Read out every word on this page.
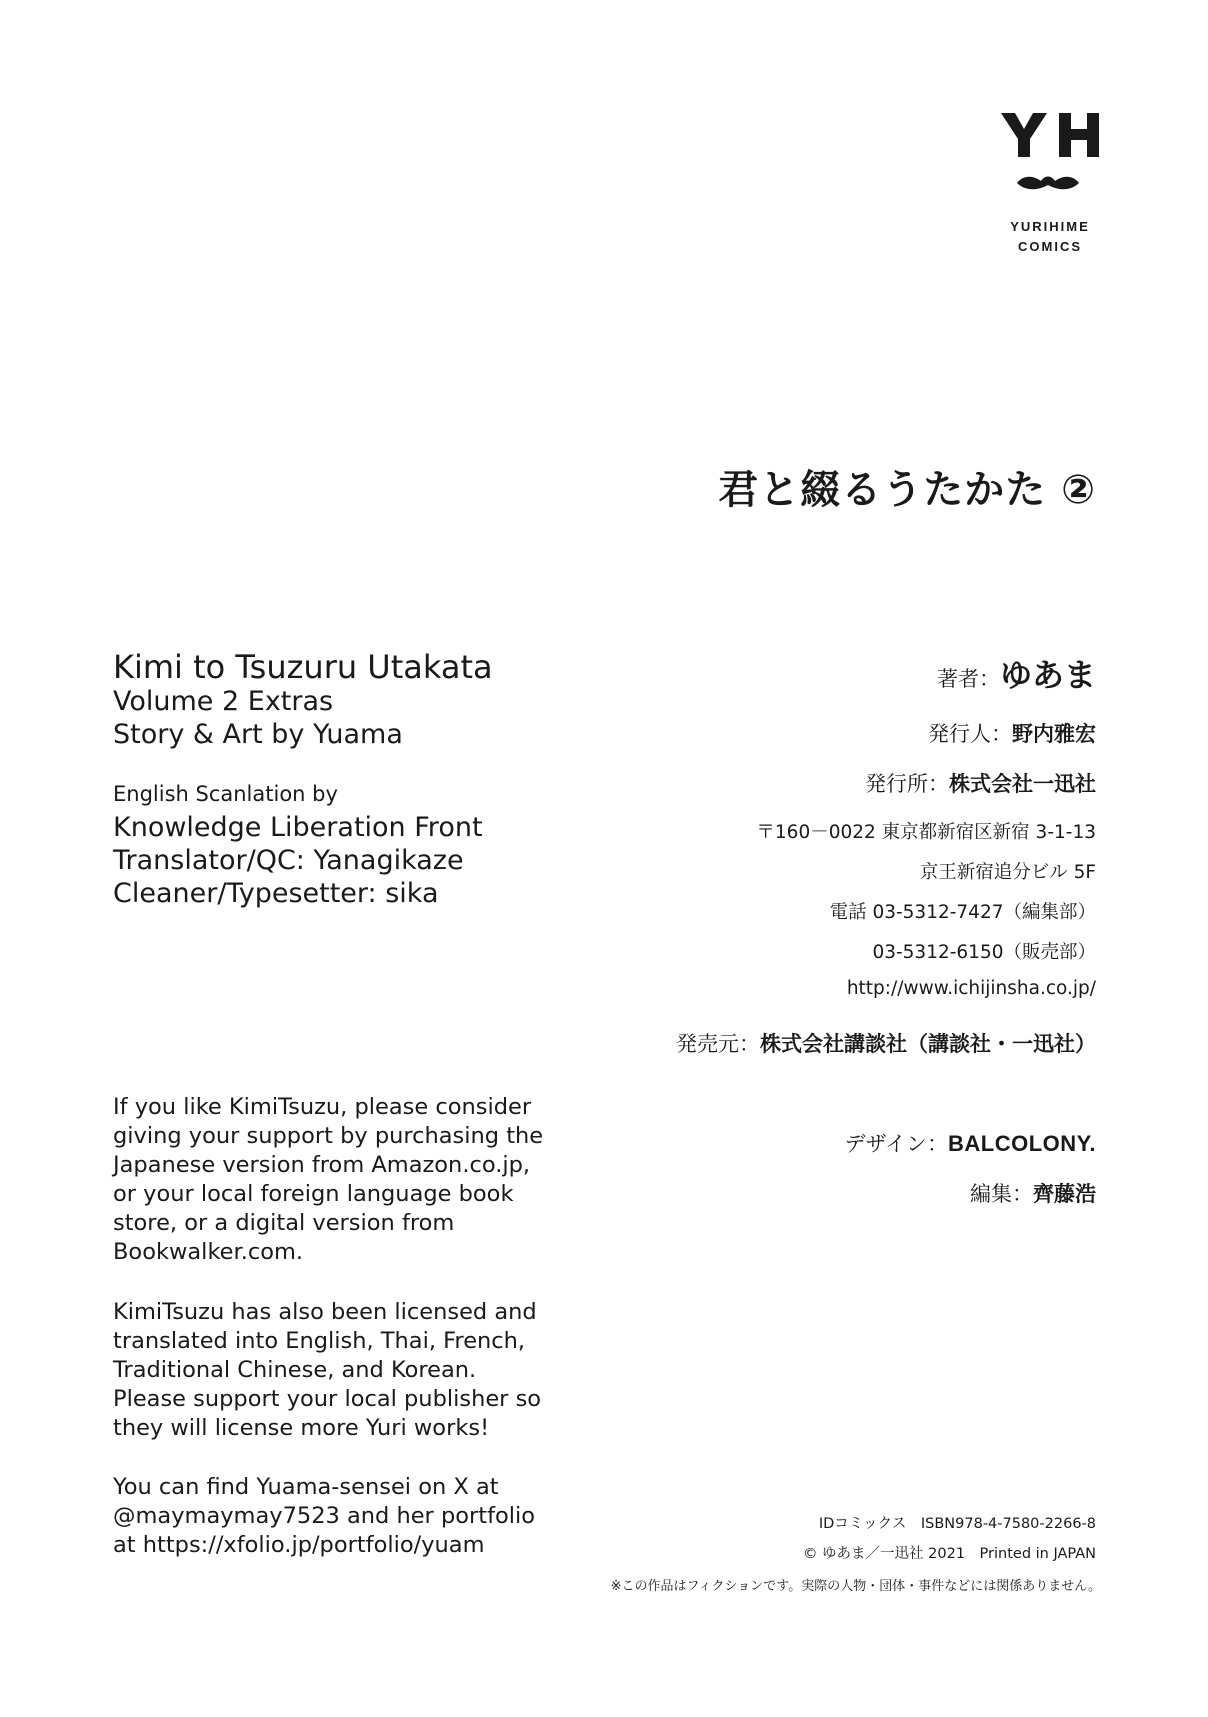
YURIHIME
COMICS
君と綴るうたかた ②
Kimi to Tsuzuru Utakata
Volume 2 Extras
Story & Art by Yuama
English Scanlation by
Knowledge Liberation Front
Translator/QC: Yanagikaze
Cleaner/Typesetter: sika
If you like KimiTsuzu, please consider
giving your support by purchasing the
Japanese version from Amazon.co.jp,
or your local foreign language book
store, or a digital version from
Bookwalker.com.
KimiTsuzu has also been licensed and
translated into English, Thai, French,
Traditional Chinese, and Korean.
Please support your local publisher so
they will license more Yuri works!
You can find Yuama-sensei on X at
@maymaymay7523 and her portfolio
at https://xfolio.jp/portfolio/yuam
著者：ゆあま
発行人：野内雅宏
発行所：株式会社一迅社
〒160－0022 東京都新宿区新宿 3-1-13
京王新宿追分ビル 5F
電話 03-5312-7427（編集部）
03-5312-6150（販売部）
http://www.ichijinsha.co.jp/
発売元：株式会社講談社（講談社・一迅社）
デザイン：BALCOLONY.
編集：齊藤浩
IDコミックス　ISBN978-4-7580-2266-8
© ゆあま／一迅社 2021　Printed in JAPAN
※この作品はフィクションです。実際の人物・団体・事件などには関係ありません。
